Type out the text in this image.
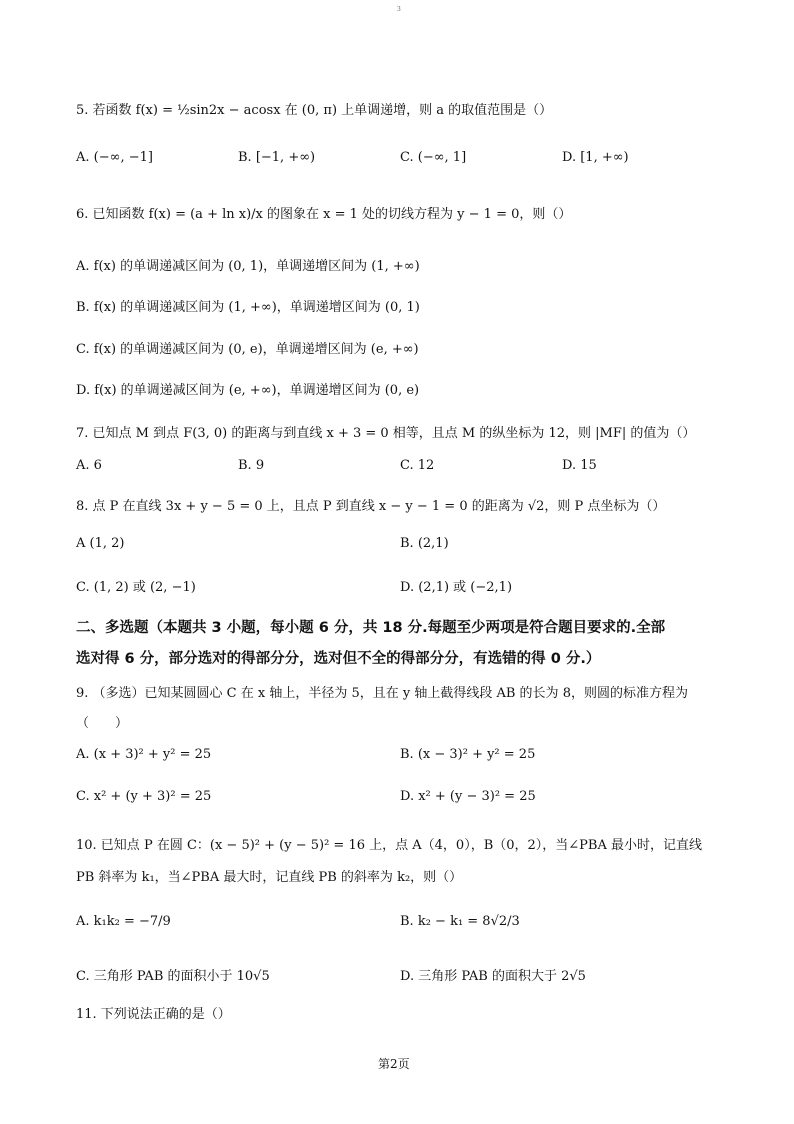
3
5. 若函数 f(x) = ½sin2x − acosx 在 (0, π) 上单调递增，则 a 的取值范围是（）
A. (−∞, −1]	B. [−1, +∞)	C. (−∞, 1]	D. [1, +∞)
6. 已知函数 f(x) = (a + ln x)/x 的图象在 x = 1 处的切线方程为 y − 1 = 0，则（）
A. f(x) 的单调递减区间为 (0, 1)，单调递增区间为 (1, +∞)
B. f(x) 的单调递减区间为 (1, +∞)，单调递增区间为 (0, 1)
C. f(x) 的单调递减区间为 (0, e)，单调递增区间为 (e, +∞)
D. f(x) 的单调递减区间为 (e, +∞)，单调递增区间为 (0, e)
7. 已知点 M 到点 F(3, 0) 的距离与到直线 x + 3 = 0 相等，且点 M 的纵坐标为 12，则 |MF| 的值为（）
A. 6	B. 9	C. 12	D. 15
8. 点 P 在直线 3x + y − 5 = 0 上，且点 P 到直线 x − y − 1 = 0 的距离为 √2，则 P 点坐标为（）
A (1, 2)	B. (2,1)
C. (1, 2) 或 (2, −1)	D. (2,1) 或 (−2,1)
二、多选题（本题共 3 小题，每小题 6 分，共 18 分.每题至少两项是符合题目要求的.全部
选对得 6 分，部分选对的得部分分，选对但不全的得部分分，有选错的得 0 分.）
9. （多选）已知某圆圆心 C 在 x 轴上，半径为 5，且在 y 轴上截得线段 AB 的长为 8，则圆的标准方程为
（　　）
A. (x + 3)² + y² = 25	B. (x − 3)² + y² = 25
C. x² + (y + 3)² = 25	D. x² + (y − 3)² = 25
10. 已知点 P 在圆 C：(x − 5)² + (y − 5)² = 16 上，点 A（4，0），B（0，2），当∠PBA 最小时，记直线
PB 斜率为 k₁，当∠PBA 最大时，记直线 PB 的斜率为 k₂，则（）
A. k₁k₂ = −7/9	B. k₂ − k₁ = 8√2/3
C. 三角形 PAB 的面积小于 10√5	D. 三角形 PAB 的面积大于 2√5
11. 下列说法正确的是（）
第2页
